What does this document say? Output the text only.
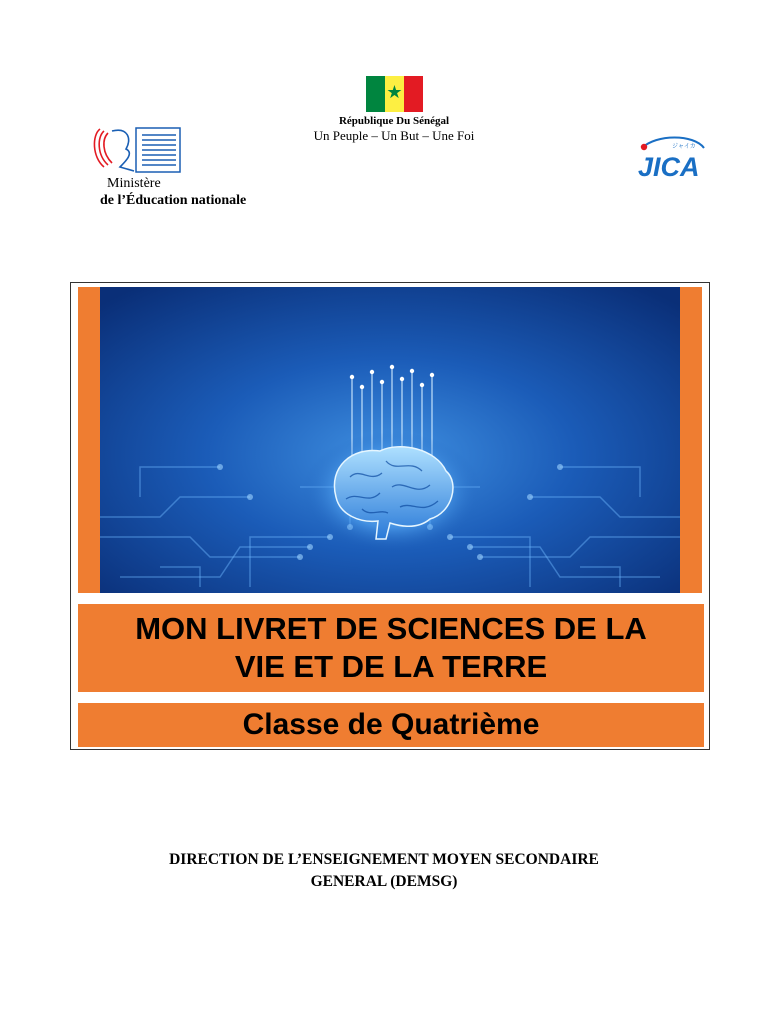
★
République Du Sénégal
Un Peuple – Un But – Une Foi
Ministère
de l’Éducation nationale
ジャイカ
JICA
MON LIVRET DE SCIENCES DE LA
VIE ET DE LA TERRE
Classe de Quatrième
DIRECTION DE L’ENSEIGNEMENT MOYEN SECONDAIRE
GENERAL (DEMSG)
